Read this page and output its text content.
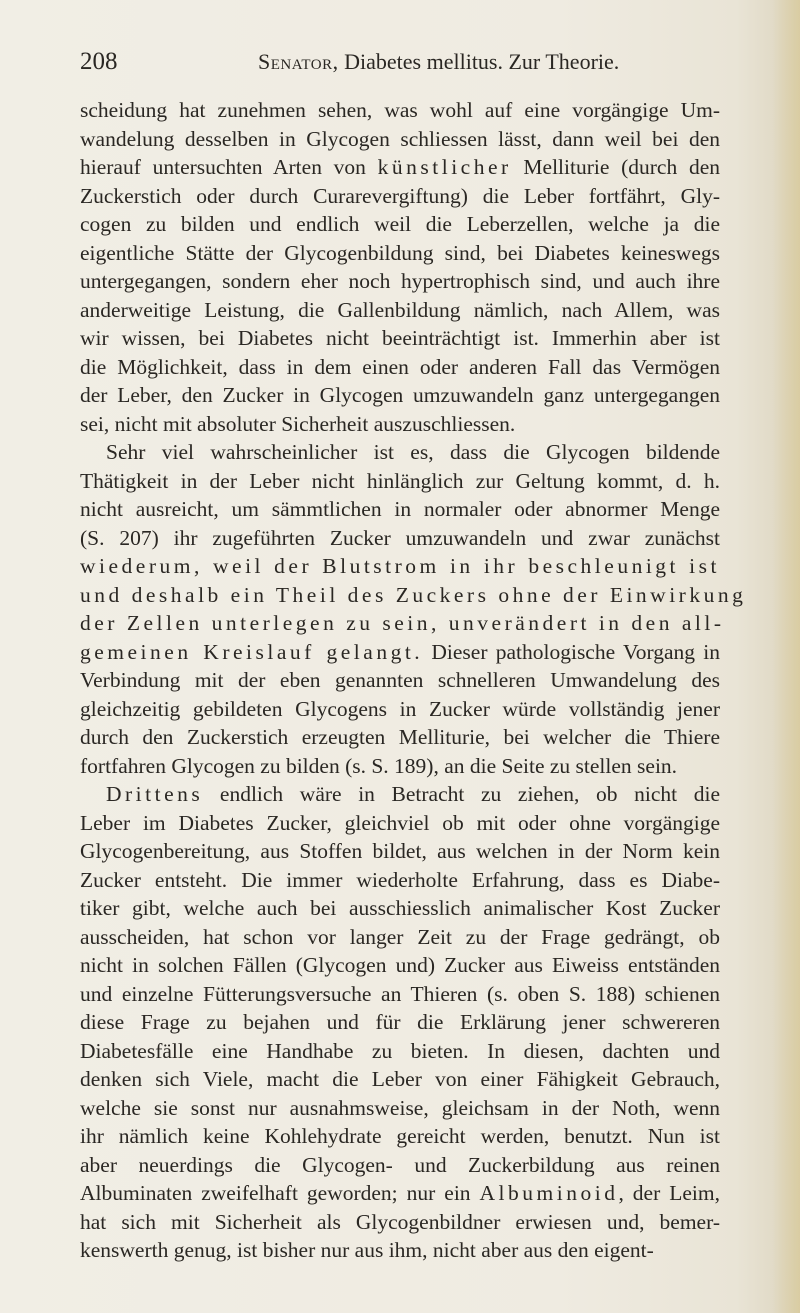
208	Senator, Diabetes mellitus. Zur Theorie.
scheidung hat zunehmen sehen, was wohl auf eine vorgängige Um-
wandelung desselben in Glycogen schliessen lässt, dann weil bei den
hierauf untersuchten Arten von künstlicher Melliturie (durch den
Zuckerstich oder durch Curarevergiftung) die Leber fortfährt, Gly-
cogen zu bilden und endlich weil die Leberzellen, welche ja die
eigentliche Stätte der Glycogenbildung sind, bei Diabetes keineswegs
untergegangen, sondern eher noch hypertrophisch sind, und auch ihre
anderweitige Leistung, die Gallenbildung nämlich, nach Allem, was
wir wissen, bei Diabetes nicht beeinträchtigt ist. Immerhin aber ist
die Möglichkeit, dass in dem einen oder anderen Fall das Vermögen
der Leber, den Zucker in Glycogen umzuwandeln ganz untergegangen
sei, nicht mit absoluter Sicherheit auszuschliessen.
Sehr viel wahrscheinlicher ist es, dass die Glycogen bildende
Thätigkeit in der Leber nicht hinlänglich zur Geltung kommt, d. h.
nicht ausreicht, um sämmtlichen in normaler oder abnormer Menge
(S. 207) ihr zugeführten Zucker umzuwandeln und zwar zunächst
wiederum, weil der Blutstrom in ihr beschleunigt ist
und deshalb ein Theil des Zuckers ohne der Einwirkung
der Zellen unterlegen zu sein, unverändert in den all-
gemeinen Kreislauf gelangt. Dieser pathologische Vorgang in
Verbindung mit der eben genannten schnelleren Umwandelung des
gleichzeitig gebildeten Glycogens in Zucker würde vollständig jener
durch den Zuckerstich erzeugten Melliturie, bei welcher die Thiere
fortfahren Glycogen zu bilden (s. S. 189), an die Seite zu stellen sein.
Drittens endlich wäre in Betracht zu ziehen, ob nicht die
Leber im Diabetes Zucker, gleichviel ob mit oder ohne vorgängige
Glycogenbereitung, aus Stoffen bildet, aus welchen in der Norm kein
Zucker entsteht. Die immer wiederholte Erfahrung, dass es Diabe-
tiker gibt, welche auch bei ausschiesslich animalischer Kost Zucker
ausscheiden, hat schon vor langer Zeit zu der Frage gedrängt, ob
nicht in solchen Fällen (Glycogen und) Zucker aus Eiweiss entständen
und einzelne Fütterungsversuche an Thieren (s. oben S. 188) schienen
diese Frage zu bejahen und für die Erklärung jener schwereren
Diabetesfälle eine Handhabe zu bieten. In diesen, dachten und
denken sich Viele, macht die Leber von einer Fähigkeit Gebrauch,
welche sie sonst nur ausnahmsweise, gleichsam in der Noth, wenn
ihr nämlich keine Kohlehydrate gereicht werden, benutzt. Nun ist
aber neuerdings die Glycogen- und Zuckerbildung aus reinen
Albuminaten zweifelhaft geworden; nur ein Albuminoid, der Leim,
hat sich mit Sicherheit als Glycogenbildner erwiesen und, bemer-
kenswerth genug, ist bisher nur aus ihm, nicht aber aus den eigent-
